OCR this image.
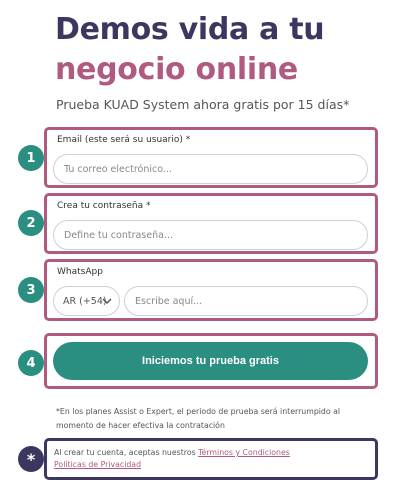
Demos vida a tu
negocio online

Prueba KUAD System ahora gratis por 15 días*

1
Email (este será su usuario) *
Tu correo electrónico...
2
Crea tu contraseña *
3
WhatsApp
AR (+54)
Escribe aquí...
4	Iniciemos tu prueba gratis

*En los planes Assist o Expert, el periodo de prueba será interrumpido al momento de hacer efectiva la contratación

*	Al crear tu cuenta, aceptas nuestros Términos y Condiciones
Políticas de Privacidad
